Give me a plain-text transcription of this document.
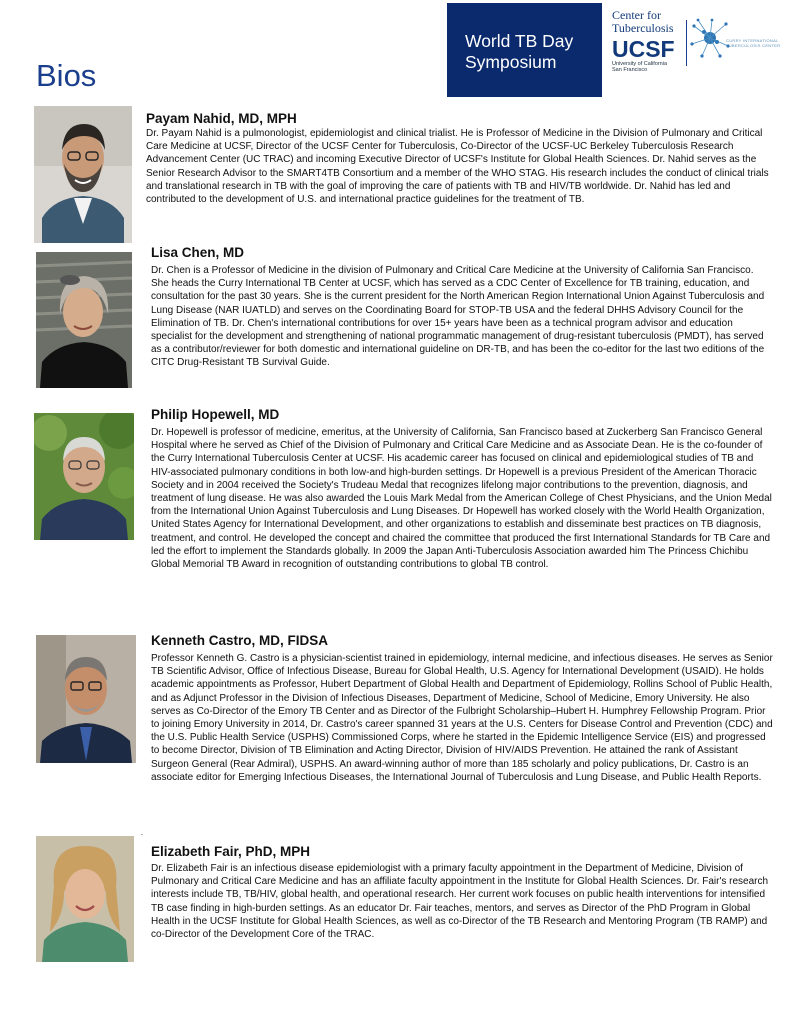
Bios
World TB Day
Symposium
Center for
Tuberculosis
UCSF
University of California
San Francisco
CURRY INTERNATIONAL TUBERCULOSIS CENTER
Payam Nahid, MD, MPH
Dr. Payam Nahid is a pulmonologist, epidemiologist and clinical trialist. He is Professor of Medicine in the Division of Pulmonary and Critical Care Medicine at UCSF, Director of the UCSF Center for Tuberculosis, Co-Director of the UCSF-UC Berkeley Tuberculosis Research Advancement Center (UC TRAC) and incoming Executive Director of UCSF's Institute for Global Health Sciences. Dr. Nahid serves as the Senior Research Advisor to the SMART4TB Consortium and a member of the WHO STAG. His research includes the conduct of clinical trials and translational research in TB with the goal of improving the care of patients with TB and HIV/TB worldwide. Dr. Nahid has led and contributed to the development of U.S. and international practice guidelines for the treatment of TB.
Lisa Chen, MD
Dr. Chen is a Professor of Medicine in the division of Pulmonary and Critical Care Medicine at the University of California San Francisco. She heads the Curry International TB Center at UCSF, which has served as a CDC Center of Excellence for TB training, education, and consultation for the past 30 years. She is the current president for the North American Region International Union Against Tuberculosis and Lung Disease (NAR IUATLD) and serves on the Coordinating Board for STOP-TB USA and the federal DHHS Advisory Council for the Elimination of TB. Dr. Chen's international contributions for over 15+ years have been as a technical program advisor and education specialist for the development and strengthening of national programmatic management of drug-resistant tuberculosis (PMDT), has served as a contributor/reviewer for both domestic and international guideline on DR-TB, and has been the co-editor for the last two editions of the CITC Drug-Resistant TB Survival Guide.
Philip Hopewell, MD
Dr. Hopewell is professor of medicine, emeritus, at the University of California, San Francisco based at Zuckerberg San Francisco General Hospital where he served as Chief of the Division of Pulmonary and Critical Care Medicine and as Associate Dean. He is the co-founder of the Curry International Tuberculosis Center at UCSF. His academic career has focused on clinical and epidemiological studies of TB and HIV-associated pulmonary conditions in both low-and high-burden settings. Dr Hopewell is a previous President of the American Thoracic Society and in 2004 received the Society's Trudeau Medal that recognizes lifelong major contributions to the prevention, diagnosis, and treatment of lung disease. He was also awarded the Louis Mark Medal from the American College of Chest Physicians, and the Union Medal from the International Union Against Tuberculosis and Lung Diseases. Dr Hopewell has worked closely with the World Health Organization, United States Agency for International Development, and other organizations to establish and disseminate best practices on TB diagnosis, treatment, and control. He developed the concept and chaired the committee that produced the first International Standards for TB Care and led the effort to implement the Standards globally. In 2009 the Japan Anti-Tuberculosis Association awarded him The Princess Chichibu Global Memorial TB Award in recognition of outstanding contributions to global TB control.
Kenneth Castro, MD, FIDSA
Professor Kenneth G. Castro is a physician-scientist trained in epidemiology, internal medicine, and infectious diseases. He serves as Senior TB Scientific Advisor, Office of Infectious Disease, Bureau for Global Health, U.S. Agency for International Development (USAID). He holds academic appointments as Professor, Hubert Department of Global Health and Department of Epidemiology, Rollins School of Public Health, and as Adjunct Professor in the Division of Infectious Diseases, Department of Medicine, School of Medicine, Emory University. He also serves as Co-Director of the Emory TB Center and as Director of the Fulbright Scholarship–Hubert H. Humphrey Fellowship Program. Prior to joining Emory University in 2014, Dr. Castro's career spanned 31 years at the U.S. Centers for Disease Control and Prevention (CDC) and the U.S. Public Health Service (USPHS) Commissioned Corps, where he started in the Epidemic Intelligence Service (EIS) and progressed to become Director, Division of TB Elimination and Acting Director, Division of HIV/AIDS Prevention. He attained the rank of Assistant Surgeon General (Rear Admiral), USPHS. An award-winning author of more than 185 scholarly and policy publications, Dr. Castro is an associate editor for Emerging Infectious Diseases, the International Journal of Tuberculosis and Lung Disease, and Public Health Reports.
-
Elizabeth Fair, PhD, MPH
Dr. Elizabeth Fair is an infectious disease epidemiologist with a primary faculty appointment in the Department of Medicine, Division of Pulmonary and Critical Care Medicine and has an affiliate faculty appointment in the Institute for Global Health Sciences. Dr. Fair's research interests include TB, TB/HIV, global health, and operational research. Her current work focuses on public health interventions for intensified TB case finding in high-burden settings. As an educator Dr. Fair teaches, mentors, and serves as Director of the PhD Program in Global Health in the UCSF Institute for Global Health Sciences, as well as co-Director of the TB Research and Mentoring Program (TB RAMP) and co-Director of the Development Core of the TRAC.
